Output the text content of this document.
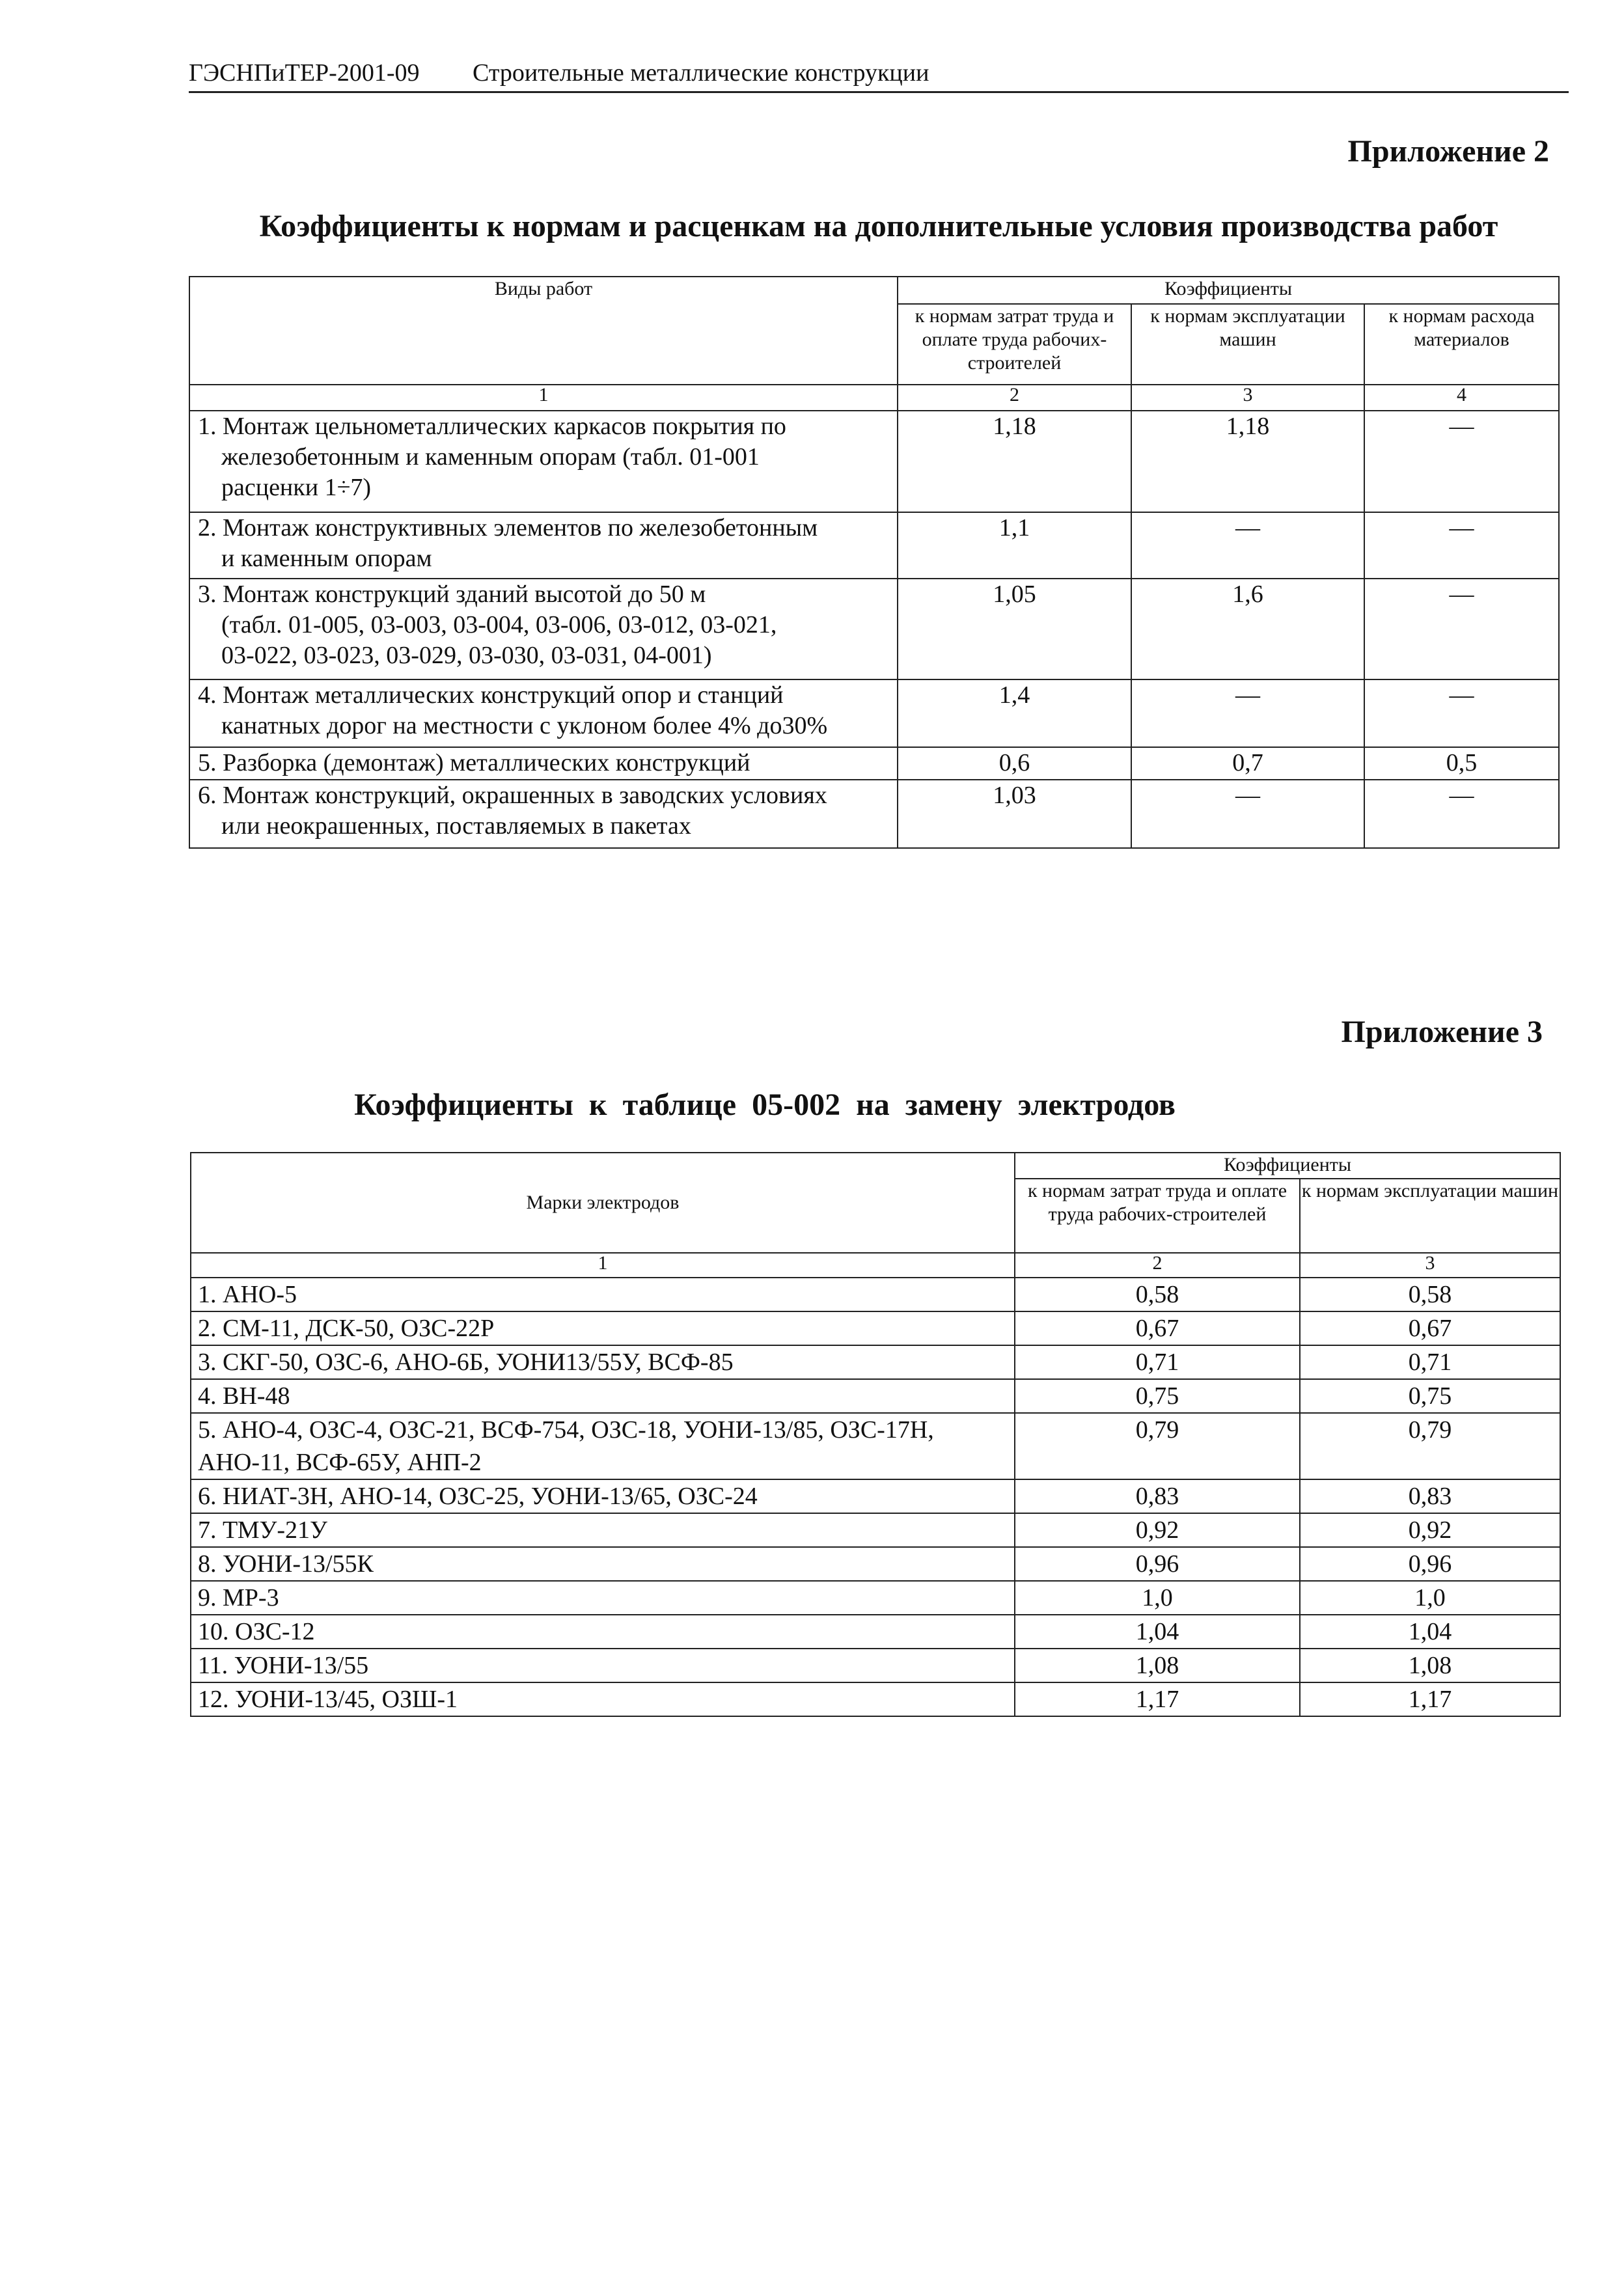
ГЭСНПиТЕР-2001-09 Строительные металлические конструкции
Приложение 2
Коэффициенты к нормам и расценкам на дополнительные условия производства работ
Виды работ	Коэффициенты		
	к нормам затрат труда и оплате труда рабочих-строителей	к нормам эксплуатации машин	к нормам расхода материалов
1	2	3	4

1. Монтаж цельнометаллических каркасов покрытия по
железобетонным и каменным опорам (табл. 01-001
расценки 1÷7)	1,18	1,18	—

2. Монтаж конструктивных элементов по железобетонным
и каменным опорам	1,1	—	—

3. Монтаж конструкций зданий высотой до 50 м
(табл. 01-005, 03-003, 03-004, 03-006, 03-012, 03-021,
03-022, 03-023, 03-029, 03-030, 03-031, 04-001)	1,05	1,6	—

4. Монтаж металлических конструкций опор и станций
канатных дорог на местности с уклоном более 4% до30%	1,4	—	—

5. Разборка (демонтаж) металлических конструкций	0,6	0,7	0,5

6. Монтаж конструкций, окрашенных в заводских условиях
или неокрашенных, поставляемых в пакетах	1,03	—	—
Приложение 3
Коэффициенты  к  таблице  05-002  на  замену  электродов
Марки электродов	Коэффициенты	
	к нормам затрат труда и оплате труда рабочих-строителей	к нормам эксплуатации машин
1	2	3

1. АНО-5	0,58	0,58

2. СМ-11, ДСК-50, ОЗС-22Р	0,67	0,67

3. СКГ-50, ОЗС-6, АНО-6Б, УОНИ13/55У, ВСФ-85	0,71	0,71

4. ВН-48	0,75	0,75

5. АНО-4, ОЗС-4, ОЗС-21, ВСФ-754, ОЗС-18, УОНИ-13/85, ОЗС-17Н,
АНО-11, ВСФ-65У, АНП-2	0,79	0,79

6. НИАТ-3Н, АНО-14, ОЗС-25, УОНИ-13/65, ОЗС-24	0,83	0,83

7. ТМУ-21У	0,92	0,92

8. УОНИ-13/55К	0,96	0,96

9. МР-3	1,0	1,0

10. ОЗС-12	1,04	1,04

11. УОНИ-13/55	1,08	1,08

12. УОНИ-13/45, ОЗШ-1	1,17	1,17
